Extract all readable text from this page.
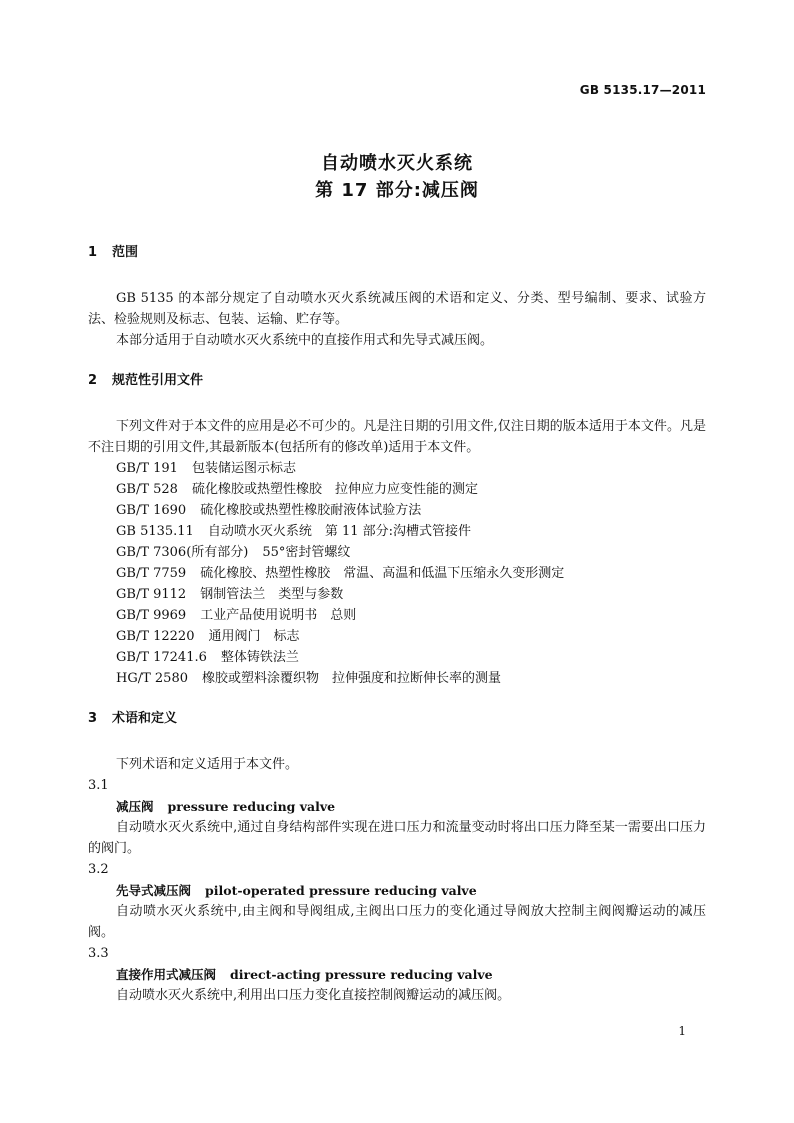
GB 5135.17—2011
自动喷水灭火系统
第 17 部分:减压阀
1 范围
GB 5135 的本部分规定了自动喷水灭火系统减压阀的术语和定义、分类、型号编制、要求、试验方法、检验规则及标志、包装、运输、贮存等。
本部分适用于自动喷水灭火系统中的直接作用式和先导式减压阀。
2 规范性引用文件
下列文件对于本文件的应用是必不可少的。凡是注日期的引用文件,仅注日期的版本适用于本文件。凡是不注日期的引用文件,其最新版本(包括所有的修改单)适用于本文件。
GB/T 191 包装储运图示标志
GB/T 528 硫化橡胶或热塑性橡胶　拉伸应力应变性能的测定
GB/T 1690 硫化橡胶或热塑性橡胶耐液体试验方法
GB 5135.11 自动喷水灭火系统　第 11 部分:沟槽式管接件
GB/T 7306(所有部分) 55°密封管螺纹
GB/T 7759 硫化橡胶、热塑性橡胶　常温、高温和低温下压缩永久变形测定
GB/T 9112 钢制管法兰　类型与参数
GB/T 9969 工业产品使用说明书　总则
GB/T 12220 通用阀门　标志
GB/T 17241.6 整体铸铁法兰
HG/T 2580 橡胶或塑料涂覆织物　拉伸强度和拉断伸长率的测量
3 术语和定义
下列术语和定义适用于本文件。
3.1
减压阀 pressure reducing valve
自动喷水灭火系统中,通过自身结构部件实现在进口压力和流量变动时将出口压力降至某一需要出口压力的阀门。
3.2
先导式减压阀 pilot-operated pressure reducing valve
自动喷水灭火系统中,由主阀和导阀组成,主阀出口压力的变化通过导阀放大控制主阀阀瓣运动的减压阀。
3.3
直接作用式减压阀 direct-acting pressure reducing valve
自动喷水灭火系统中,利用出口压力变化直接控制阀瓣运动的减压阀。
1
